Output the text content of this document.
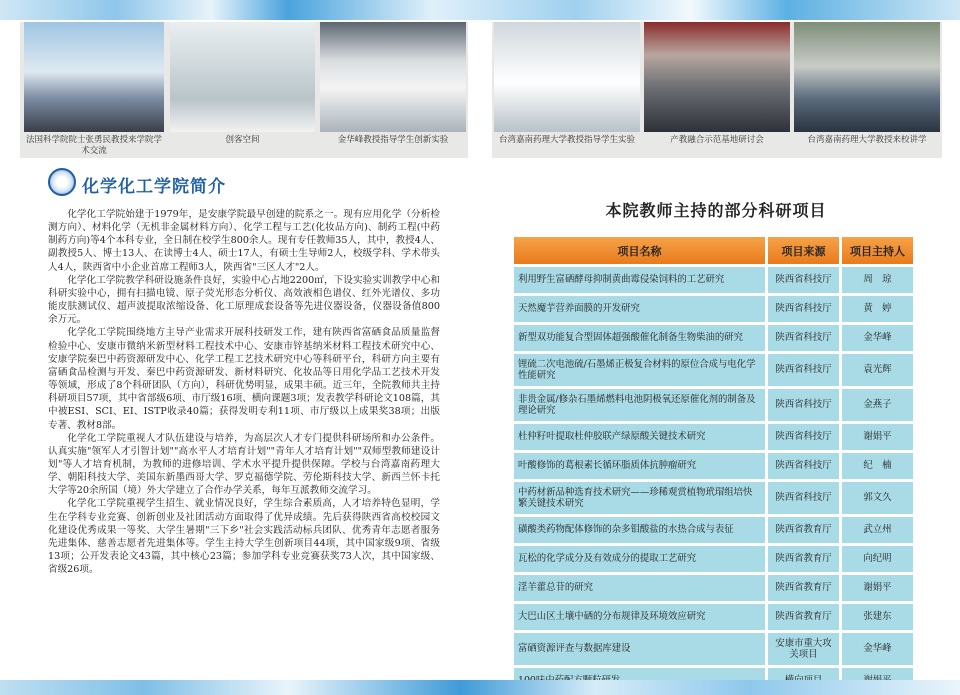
法国科学院院士张勇民教授来学院学术交流
创客空间	金华峰教授指导学生创新实验	台湾嘉南药理大学教授指导学生实验	产教融合示范基地研讨会	台湾嘉南药理大学教授来校讲学
化学化工学院简介

化学化工学院始建于1979年，是安康学院最早创建的院系之一。现有应用化学（分析检测方向）、材料化学（无机非金属材料方向）、化学工程与工艺(化妆品方向)、制药工程(中药制药方向)等4个本科专业，全日制在校学生800余人。现有专任教师35人，其中，教授4人、副教授5人、博士13人、在读博士4人、硕士17人，有硕士生导师2人，校级学科、学术带头人4人，陕西省中小企业首席工程师3人，陕西省"三区人才"2人。

化学化工学院教学科研设施条件良好，实验中心占地2200㎡，下设实验实训教学中心和科研实验中心，拥有扫描电镜、原子荧光形态分析仪、高效液相色谱仪、红外光谱仪、多功能皮肤测试仪、超声波提取浓缩设备、化工原理成套设备等先进仪器设备，仪器设备值800余万元。

化学化工学院围绕地方主导产业需求开展科技研发工作，建有陕西省富硒食品质量监督检验中心、安康市微纳米新型材料工程技术中心、安康市锌基纳米材料工程技术研究中心、安康学院秦巴中药资源研发中心、化学工程工艺技术研究中心等科研平台，科研方向主要有富硒食品检测与开发、秦巴中药资源研发、新材料研究、化妆品等日用化学品工艺技术开发等领域，形成了8个科研团队（方向），科研优势明显，成果丰硕。近三年，全院教师共主持科研项目57项，其中省部级6项、市厅级16项、横向课题3项；发表教学科研论文108篇，其中被ESI、SCI、EI、ISTP收录40篇；获得发明专利11项、市厅级以上成果奖38项；出版专著、教材8部。

化学化工学院重视人才队伍建设与培养，为高层次人才专门提供科研场所和办公条件。认真实施"领军人才引智计划""高水平人才培育计划""青年人才培育计划""双师型教师建设计划"等人才培育机制，为教师的进修培训、学术水平提升提供保障。学校与台湾嘉南药理大学、朝阳科技大学、美国东新墨西哥大学、罗克福德学院、劳伦斯科技大学、新西兰怀卡托大学等20余所国（境）外大学建立了合作办学关系，每年互派教师交流学习。

化学化工学院重视学生招生、就业情况良好，学生综合素质高，人才培养特色显明，学生在学科专业竞赛、创新创业及社团活动方面取得了优异成绩。先后获得陕西省高校校园文化建设优秀成果一等奖、大学生暑期"三下乡"社会实践活动标兵团队、优秀青年志愿者服务先进集体、慈善志愿者先进集体等。学生主持大学生创新项目44项，其中国家级9项、省级13项；公开发表论文43篇，其中核心23篇；参加学科专业竞赛获奖73人次，其中国家级、省级26项。

本院教师主持的部分科研项目
项目名称	项目来源	项目主持人
利用野生富硒酵母抑制黄曲霉侵染饲料的工艺研究	陕西省科技厅	周　琼
天然魔芋营养面膜的开发研究	陕西省科技厅	黄　婷
新型双功能复合型固体超强酸催化制备生物柴油的研究	陕西省科技厅	金华峰
锂硫二次电池硫/石墨烯正极复合材料的原位合成与电化学性能研究	陕西省科技厅	袁光辉
非贵金属/修杂石墨烯燃料电池阴极氧还原催化剂的制备及理论研究	陕西省科技厅	金燕子
杜仲籽叶提取杜仲胶联产绿原酸关键技术研究	陕西省科技厅	谢娟平
叶酸修饰的葛根素长循环脂质体抗肿瘤研究	陕西省科技厅	纪　楠
中药材新品种选育技术研究——珍稀观赏植物玳瑁组培快繁关键技术研究	陕西省科技厅	郭文久
磺酸类药物配体修饰的杂多钼酸盐的水热合成与表征	陕西省教育厅	武立州
瓦松的化学成分及有效成分的提取工艺研究	陕西省教育厅	向纪明
淫羊藿总苷的研究	陕西省教育厅	谢娟平
大巴山区土壤中硒的分布规律及环境效应研究	陕西省教育厅	张建东
富硒资源评查与数据库建设	安康市重大攻关项目	金华峰
